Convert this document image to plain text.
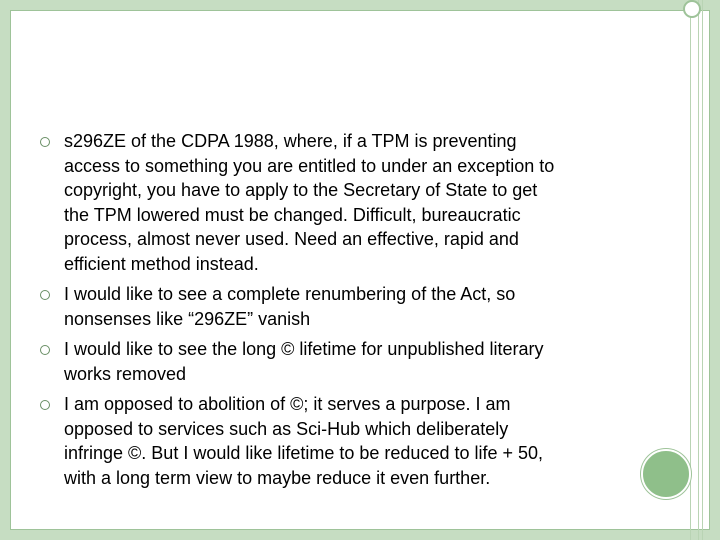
s296ZE of the CDPA 1988, where, if a TPM is preventing
access to something you are entitled to under an exception to
copyright, you have to apply to the Secretary of State to get
the TPM lowered must be changed. Difficult, bureaucratic
process, almost never used. Need an effective, rapid and
efficient method instead.
I would like to see a complete renumbering of the Act, so
nonsenses like “296ZE” vanish
I would like to see the long © lifetime for unpublished literary
works removed
I am opposed to abolition of ©; it serves a purpose. I am
opposed to services such as Sci-Hub which deliberately
infringe ©. But I would like lifetime to be reduced to life + 50,
with a long term view to maybe reduce it even further.
